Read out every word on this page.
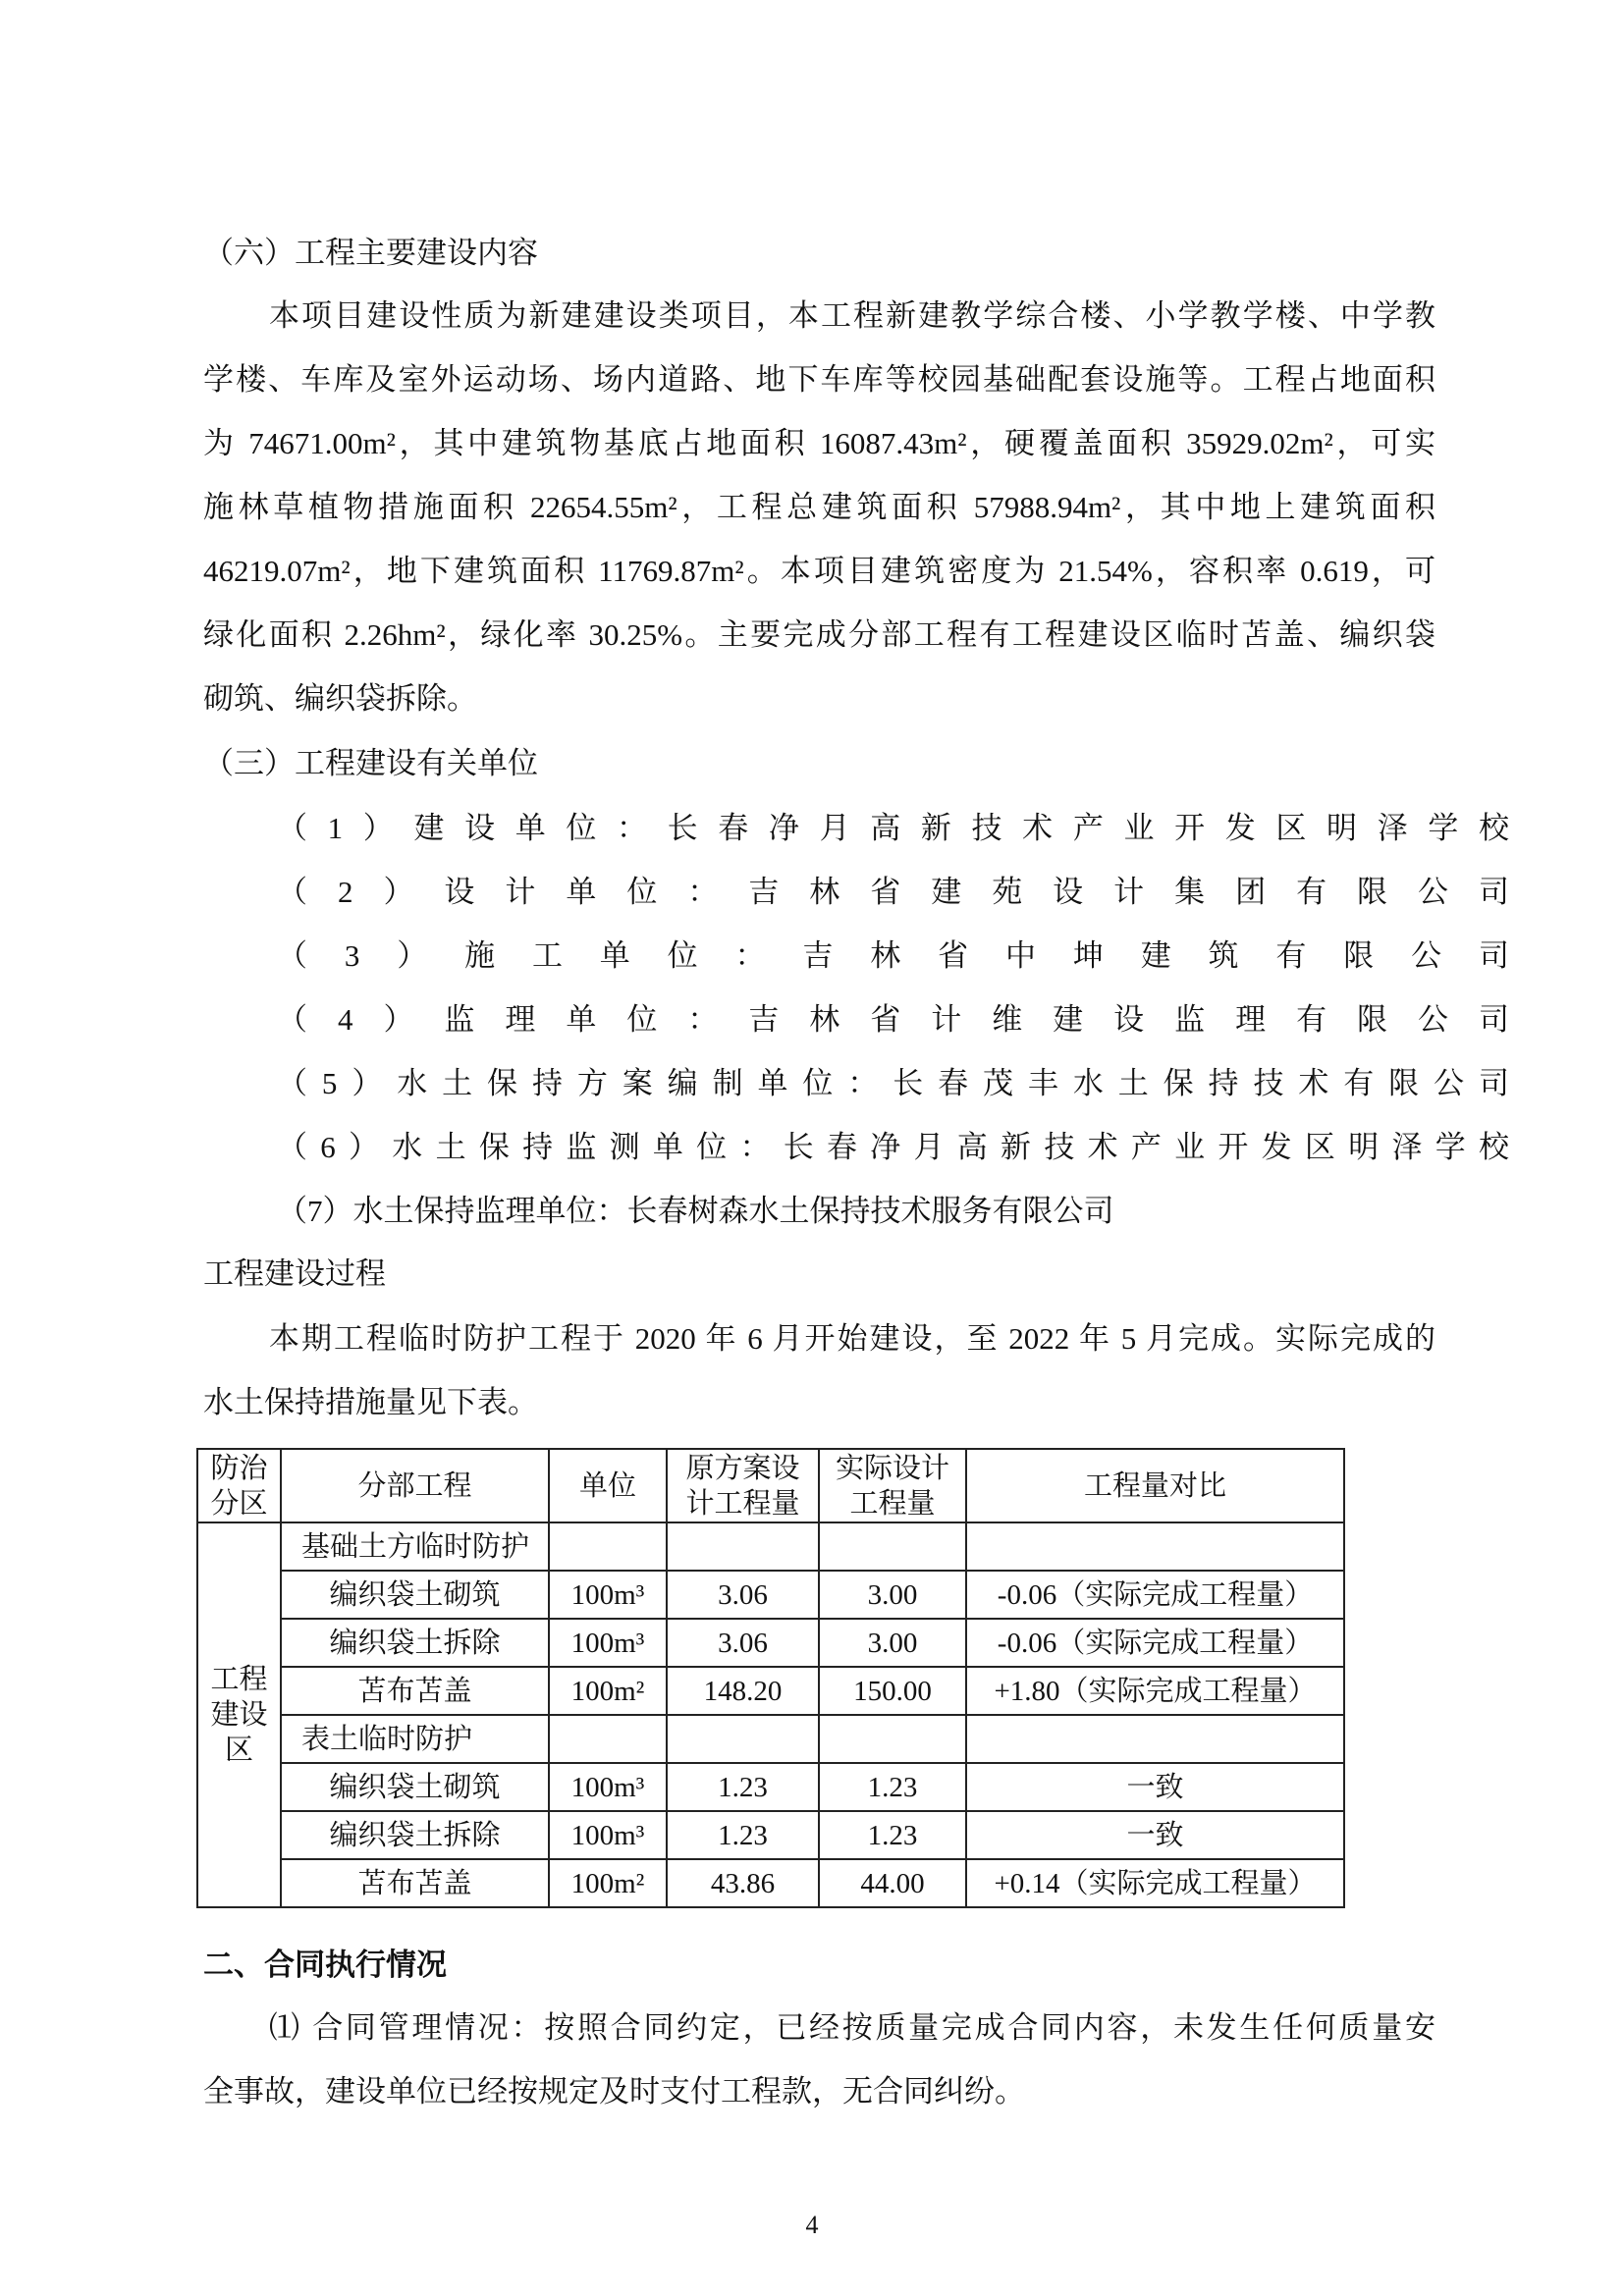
（六）工程主要建设内容
本项目建设性质为新建建设类项目，本工程新建教学综合楼、小学教学楼、中学教
学楼、车库及室外运动场、场内道路、地下车库等校园基础配套设施等。工程占地面积
为 74671.00m²，其中建筑物基底占地面积 16087.43m²，硬覆盖面积 35929.02m²，可实
施林草植物措施面积 22654.55m²，工程总建筑面积 57988.94m²，其中地上建筑面积
46219.07m²，地下建筑面积 11769.87m²。本项目建筑密度为 21.54%，容积率 0.619，可
绿化面积 2.26hm²，绿化率 30.25%。主要完成分部工程有工程建设区临时苫盖、编织袋
砌筑、编织袋拆除。
（三）工程建设有关单位
（1）建设单位：长春净月高新技术产业开发区明泽学校
（2）设计单位：吉林省建苑设计集团有限公司
（3）施工单位：吉林省中坤建筑有限公司
（4）监理单位：吉林省计维建设监理有限公司
（5）水土保持方案编制单位：长春茂丰水土保持技术有限公司
（6）水土保持监测单位：长春净月高新技术产业开发区明泽学校
（7）水土保持监理单位：长春树森水土保持技术服务有限公司
工程建设过程
本期工程临时防护工程于 2020 年 6 月开始建设，至 2022 年 5 月完成。实际完成的
水土保持措施量见下表。
防治分区	分部工程	单位	原方案设计工程量	实际设计工程量	工程量对比
工程建设区	基础土方临时防护				
	编织袋土砌筑	100m³	3.06	3.00	-0.06（实际完成工程量）
	编织袋土拆除	100m³	3.06	3.00	-0.06（实际完成工程量）
	苫布苫盖	100m²	148.20	150.00	+1.80（实际完成工程量）
	表土临时防护				
	编织袋土砌筑	100m³	1.23	1.23	一致
	编织袋土拆除	100m³	1.23	1.23	一致
	苫布苫盖	100m²	43.86	44.00	+0.14（实际完成工程量）
二、合同执行情况
⑴ 合同管理情况：按照合同约定，已经按质量完成合同内容，未发生任何质量安
全事故，建设单位已经按规定及时支付工程款，无合同纠纷。
4
